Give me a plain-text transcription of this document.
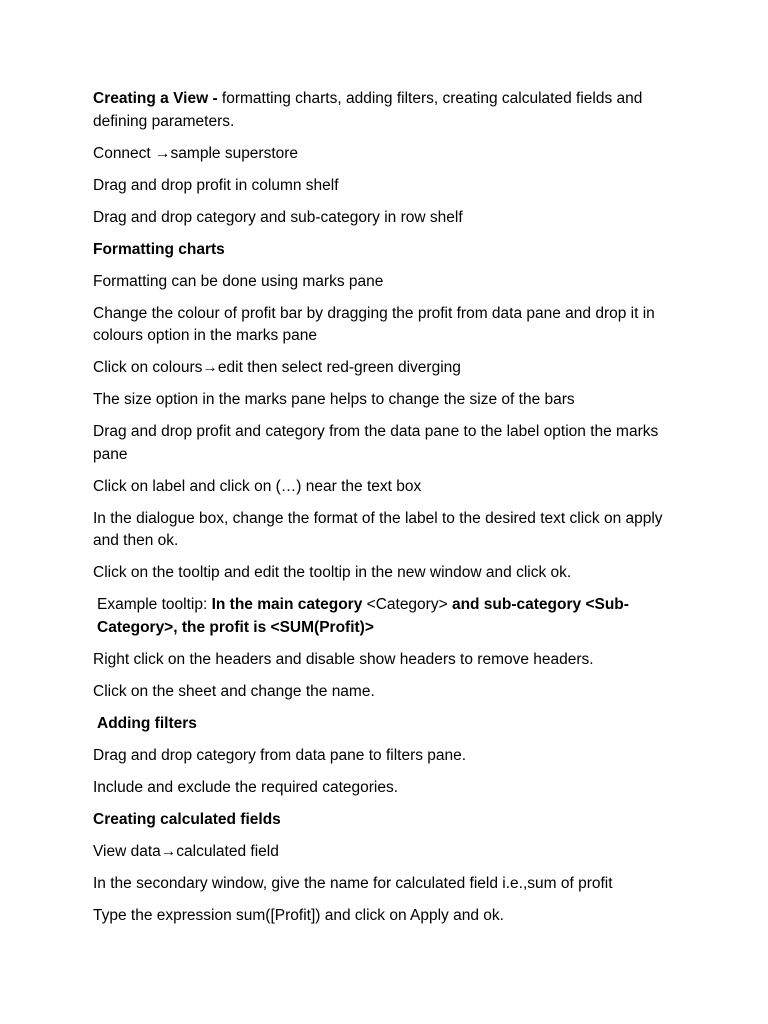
Creating a View - formatting charts, adding filters, creating calculated fields and defining parameters.

Connect →sample superstore

Drag and drop profit in column shelf

Drag and drop category and sub-category in row shelf

Formatting charts

Formatting can be done using marks pane

Change the colour of profit bar by dragging the profit from data pane and drop it in colours option in the marks pane

Click on colours→edit then select red-green diverging

The size option in the marks pane helps to change the size of the bars

Drag and drop profit and category from the data pane to the label option the marks pane

Click on label and click on (…) near the text box

In the dialogue box, change the format of the label to the desired text click on apply and then ok.

Click on the tooltip and edit the tooltip in the new window and click ok.

Example tooltip: In the main category <Category> and sub-category <Sub-Category>, the profit is <SUM(Profit)>

Right click on the headers and disable show headers to remove headers.

Click on the sheet and change the name.

Adding filters

Drag and drop category from data pane to filters pane.

Include and exclude the required categories.

Creating calculated fields

View data→calculated field

In the secondary window, give the name for calculated field i.e.,sum of profit

Type the expression sum([Profit]) and click on Apply and ok.
